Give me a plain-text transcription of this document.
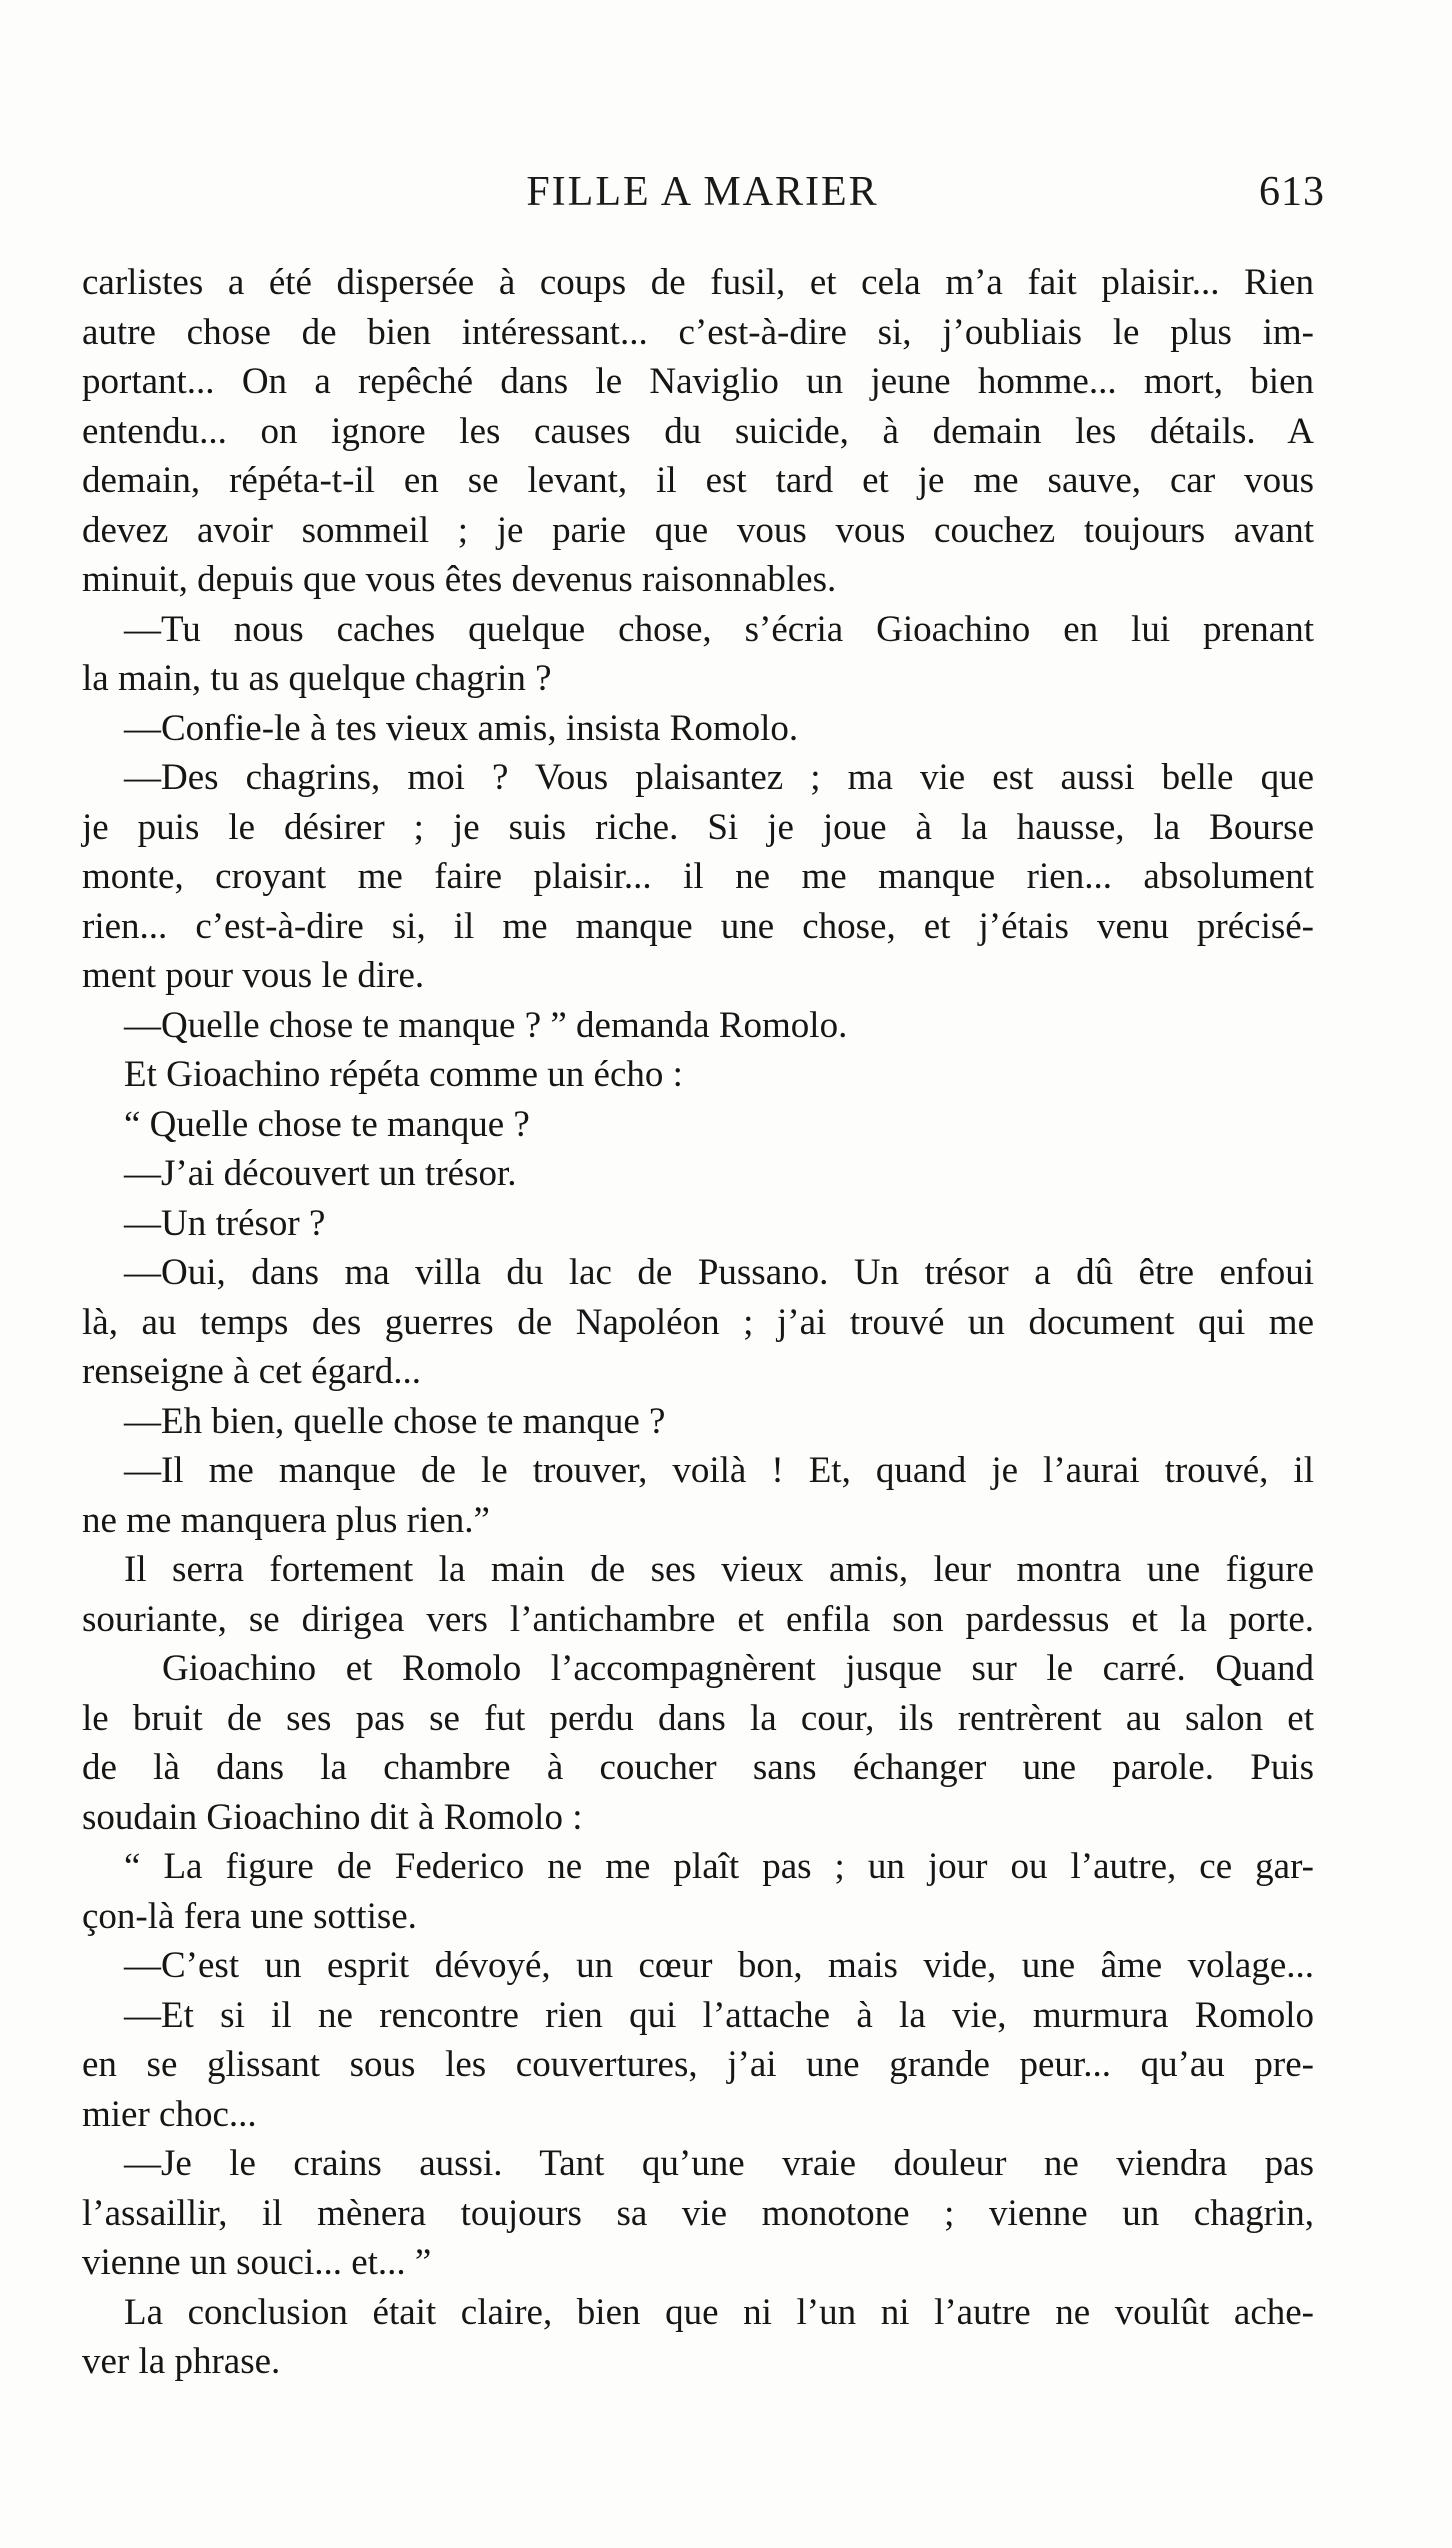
FILLE A MARIER	613
carlistes a été dispersée à coups de fusil, et cela m’a fait plaisir... Rien
autre chose de bien intéressant... c’est-à-dire si, j’oubliais le plus im-
portant... On a repêché dans le Naviglio un jeune homme... mort, bien
entendu... on ignore les causes du suicide, à demain les détails. A
demain, répéta-t-il en se levant, il est tard et je me sauve, car vous
devez avoir sommeil ; je parie que vous vous couchez toujours avant
minuit, depuis que vous êtes devenus raisonnables.
—Tu nous caches quelque chose, s’écria Gioachino en lui prenant
la main, tu as quelque chagrin ?
—Confie-le à tes vieux amis, insista Romolo.
—Des chagrins, moi ? Vous plaisantez ; ma vie est aussi belle que
je puis le désirer ; je suis riche. Si je joue à la hausse, la Bourse
monte, croyant me faire plaisir... il ne me manque rien... absolument
rien... c’est-à-dire si, il me manque une chose, et j’étais venu précisé-
ment pour vous le dire.
—Quelle chose te manque ? ” demanda Romolo.
Et Gioachino répéta comme un écho :
“ Quelle chose te manque ?
—J’ai découvert un trésor.
—Un trésor ?
—Oui, dans ma villa du lac de Pussano. Un trésor a dû être enfoui
là, au temps des guerres de Napoléon ; j’ai trouvé un document qui me
renseigne à cet égard...
—Eh bien, quelle chose te manque ?
—Il me manque de le trouver, voilà ! Et, quand je l’aurai trouvé, il
ne me manquera plus rien.”
Il serra fortement la main de ses vieux amis, leur montra une figure
souriante, se dirigea vers l’antichambre et enfila son pardessus et la porte.
Gioachino et Romolo l’accompagnèrent jusque sur le carré. Quand
le bruit de ses pas se fut perdu dans la cour, ils rentrèrent au salon et
de là dans la chambre à coucher sans échanger une parole. Puis
soudain Gioachino dit à Romolo :
“ La figure de Federico ne me plaît pas ; un jour ou l’autre, ce gar-
çon-là fera une sottise.
—C’est un esprit dévoyé, un cœur bon, mais vide, une âme volage...
—Et si il ne rencontre rien qui l’attache à la vie, murmura Romolo
en se glissant sous les couvertures, j’ai une grande peur... qu’au pre-
mier choc...
—Je le crains aussi. Tant qu’une vraie douleur ne viendra pas
l’assaillir, il mènera toujours sa vie monotone ; vienne un chagrin,
vienne un souci... et... ”
La conclusion était claire, bien que ni l’un ni l’autre ne voulût ache-
ver la phrase.
